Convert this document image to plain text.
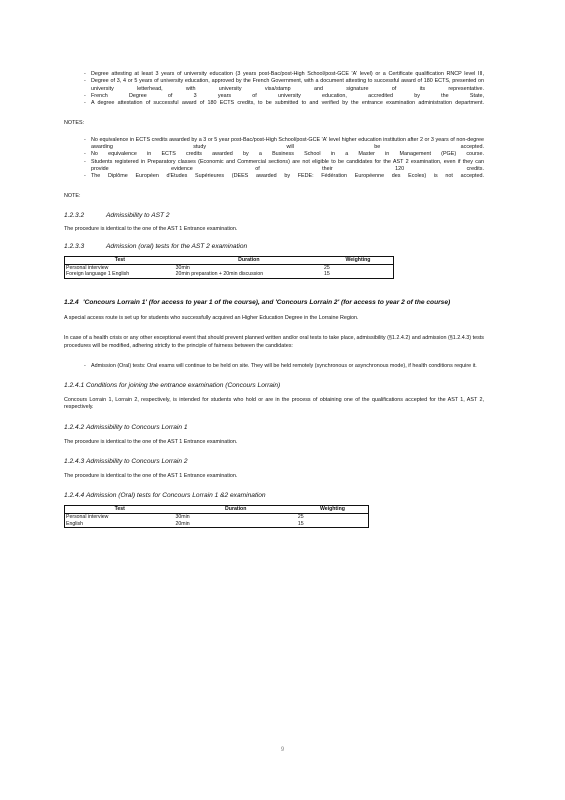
- Degree attesting at least 3 years of university education (3 years post-Bac/post-High School/post-GCE 'A' level) or a Certificate qualification RNCP level III,
- Degree of 3, 4 or 5 years of university education, approved by the French Government, with a document attesting to successful award of 180 ECTS, presented on university letterhead, with university visa/stamp and signature of its representative.
- French Degree of 3 years of university education, accredited by the State,
- A degree attestation of successful award of 180 ECTS credits, to be submitted to and verified by the entrance examination administration department.

NOTES:

- No equivalence in ECTS credits awarded by a 3 or 5 year post-Bac/post-High School/post-GCE 'A' level higher education institution after 2 or 3 years of non-degree awarding study will be accepted.
- No equivalence in ECTS credits awarded by a Business School in a Master in Management (PGE) course.
- Students registered in Preparatory classes (Economic and Commercial sections) are not eligible to be candidates for the AST 2 examination, even if they can provide evidence of their 120 credits.
- The Diplôme Européen d'Etudes Supérieures (DEES awarded by FEDE: Fédération Européenne des Ecoles) is not accepted.

NOTE:

1.2.3.2	Admissibility to AST 2

The procedure is identical to the one of the AST 1 Entrance examination.

1.2.3.3	Admission (oral) tests for the AST 2 examination

Test	Duration	Weighting
Personal interview	30min	25
Foreign language 1 English	20min preparation + 20min discussion	15

1.2.4 'Concours Lorrain 1' (for access to year 1 of the course), and 'Concours Lorrain 2' (for access to year 2 of the course)

A special access route is set up for students who successfully acquired an Higher Education Degree in the Lorraine Region.

In case of a health crisis or any other exceptional event that should prevent planned written and/or oral tests to take place, admissibility (§1.2.4.2) and admission (§1.2.4.3) tests procedures will be modified, adhering strictly to the principle of fairness between the candidates:

- Admission (Oral) tests: Oral exams will continue to be held on site. They will be held remotely (synchronous or asynchronous mode), if health conditions require it.

1.2.4.1 Conditions for joining the entrance examination (Concours Lorrain)

Concours Lorrain 1, Lorrain 2, respectively, is intended for students who hold or are in the process of obtaining one of the qualifications accepted for the AST 1, AST 2, respectively.

1.2.4.2 Admissibility to Concours Lorrain 1

The procedure is identical to the one of the AST 1 Entrance examination.

1.2.4.3 Admissibility to Concours Lorrain 2

The procedure is identical to the one of the AST 1 Entrance examination.

1.2.4.4 Admission (Oral) tests for Concours Lorrain 1 &2 examination

Test	Duration	Weighting
Personal interview	30min	25
English	20min	15
9
